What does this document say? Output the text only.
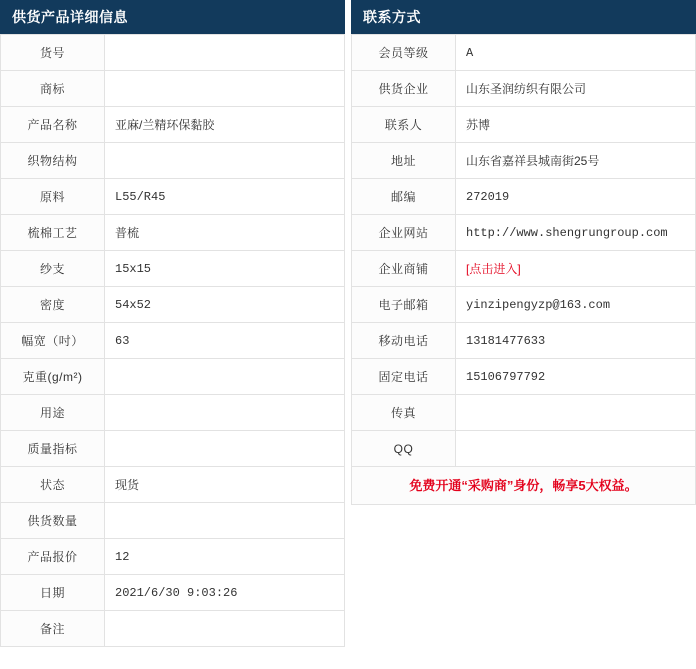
供货产品详细信息
货号	
商标	
产品名称	亚麻/兰精环保黏胶
织物结构	
原料	L55/R45
梳棉工艺	普梳
纱支	15x15
密度	54x52
幅宽（吋）	63
克重(g/m²)	
用途	
质量指标	
状态	现货
供货数量	
产品报价	12
日期	2021/6/30 9:03:26
备注	
联系方式
会员等级	A
供货企业	山东圣润纺织有限公司
联系人	苏博
地址	山东省嘉祥县城南街25号
邮编	272019
企业网站	http://www.shengrungroup.com
企业商铺	[点击进入]
电子邮箱	yinzipengyzp@163.com
移动电话	13181477633
固定电话	15106797792
传真	
QQ	
免费开通“采购商”身份，畅享5大权益。
